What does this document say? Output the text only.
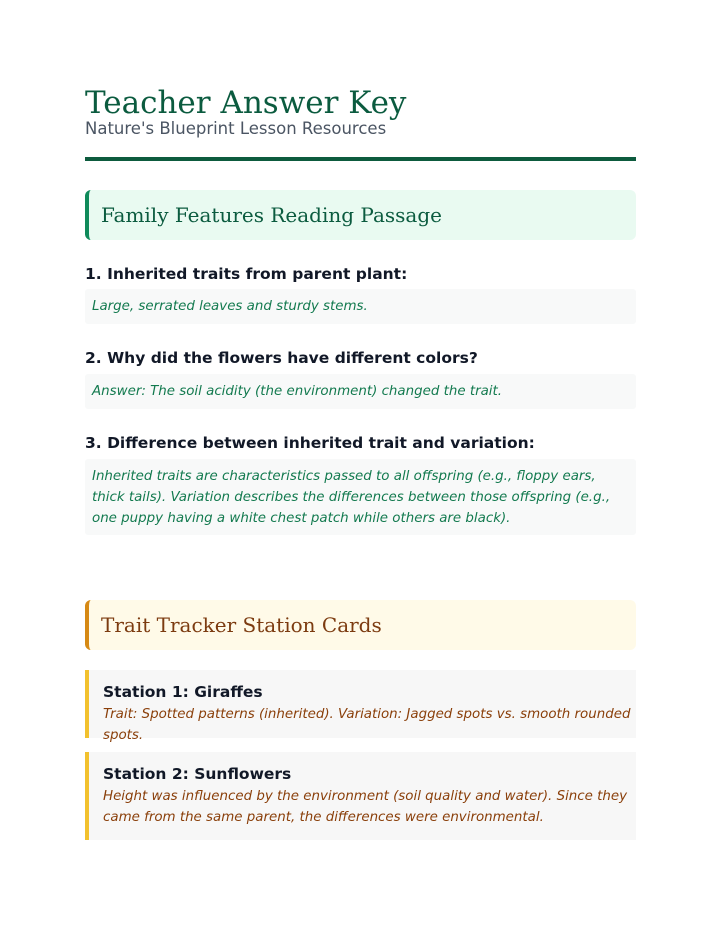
Teacher Answer Key
Nature's Blueprint Lesson Resources
Family Features Reading Passage
1. Inherited traits from parent plant:
Large, serrated leaves and sturdy stems.
2. Why did the flowers have different colors?
Answer: The soil acidity (the environment) changed the trait.
3. Difference between inherited trait and variation:
Inherited traits are characteristics passed to all offspring (e.g., floppy ears, thick tails). Variation describes the differences between those offspring (e.g., one puppy having a white chest patch while others are black).
Trait Tracker Station Cards
Station 1: Giraffes
Trait: Spotted patterns (inherited). Variation: Jagged spots vs. smooth rounded spots.
Station 2: Sunflowers
Height was influenced by the environment (soil quality and water). Since they came from the same parent, the differences were environmental.
